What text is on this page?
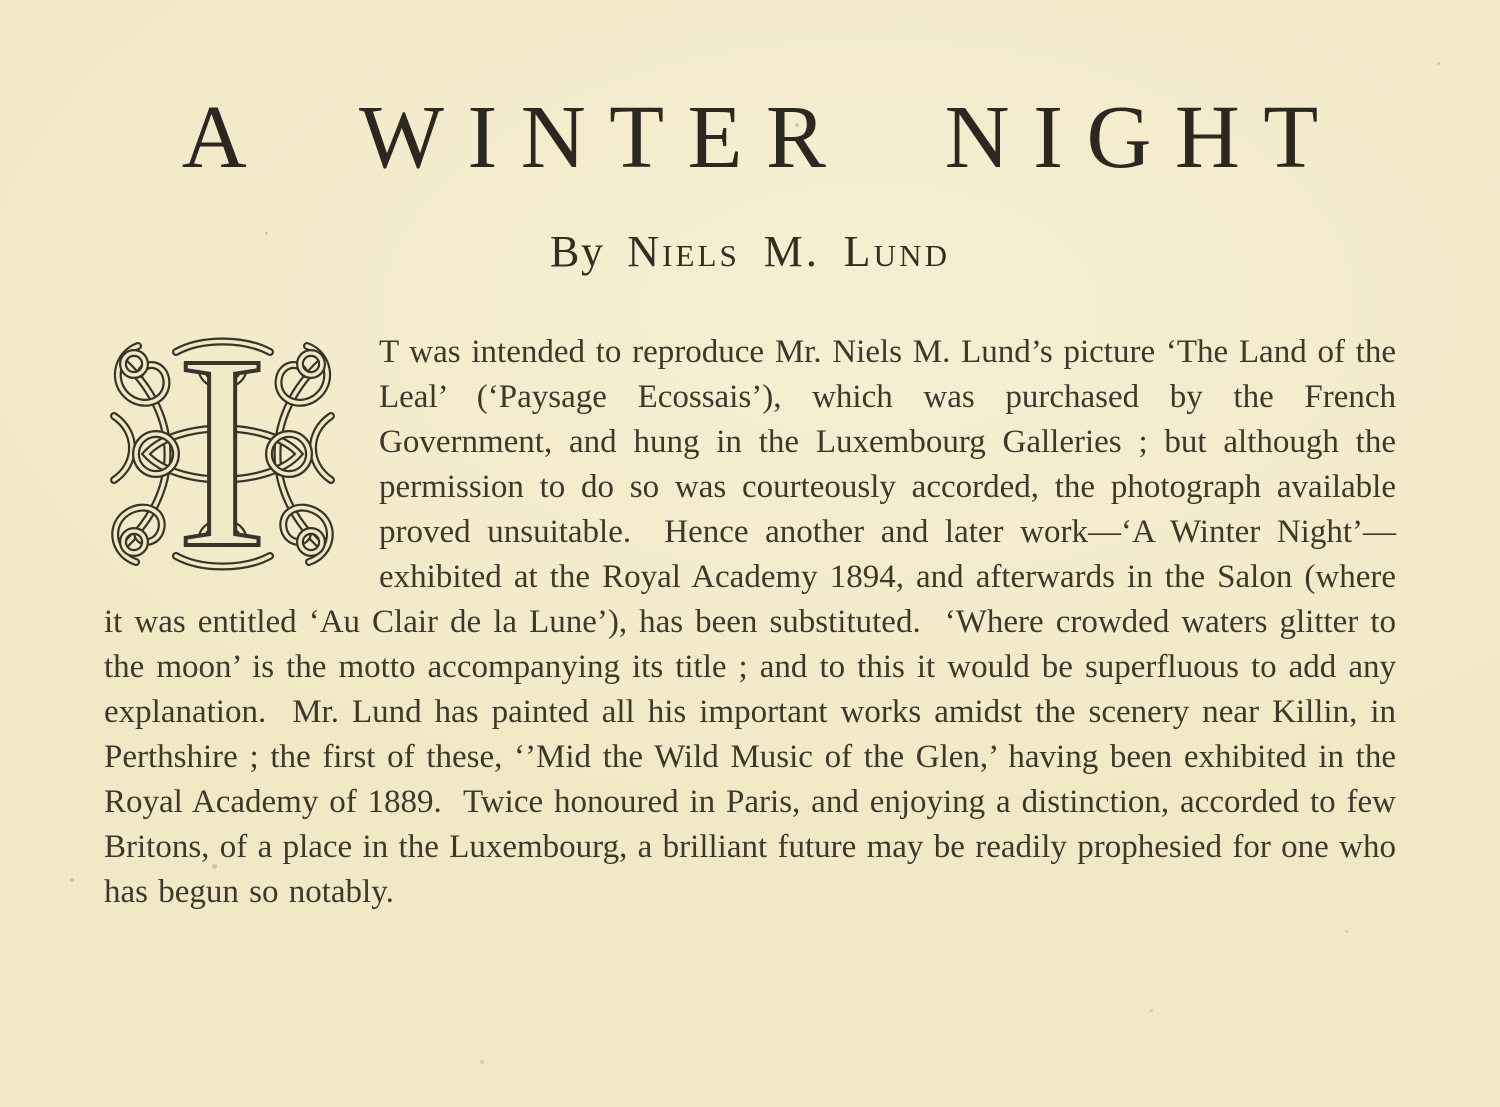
A WINTER NIGHT
By Niels M. Lund
I	T was intended to reproduce Mr. Niels M. Lund’s picture ‘The Land of the Leal’ (‘Paysage Ecossais’), which was purchased by the French Government, and hung in the Luxembourg Galleries ; but although the permission to do so was courteously accorded, the photograph available proved unsuitable.  Hence another and later work—‘A Winter Night’—exhibited at the Royal Academy 1894, and afterwards in the Salon (where it was entitled ‘Au Clair de la Lune’), has been substituted.  ‘Where crowded waters glitter to the moon’ is the motto accompanying its title ; and to this it would be superfluous to add any explanation.  Mr. Lund has painted all his important works amidst the scenery near Killin, in Perthshire ; the first of these, ‘’Mid the Wild Music of the Glen,’ having been exhibited in the Royal Academy of 1889.  Twice honoured in Paris, and enjoying a distinction, accorded to few Britons, of a place in the Luxembourg, a brilliant future may be readily prophesied for one who has begun so notably.
